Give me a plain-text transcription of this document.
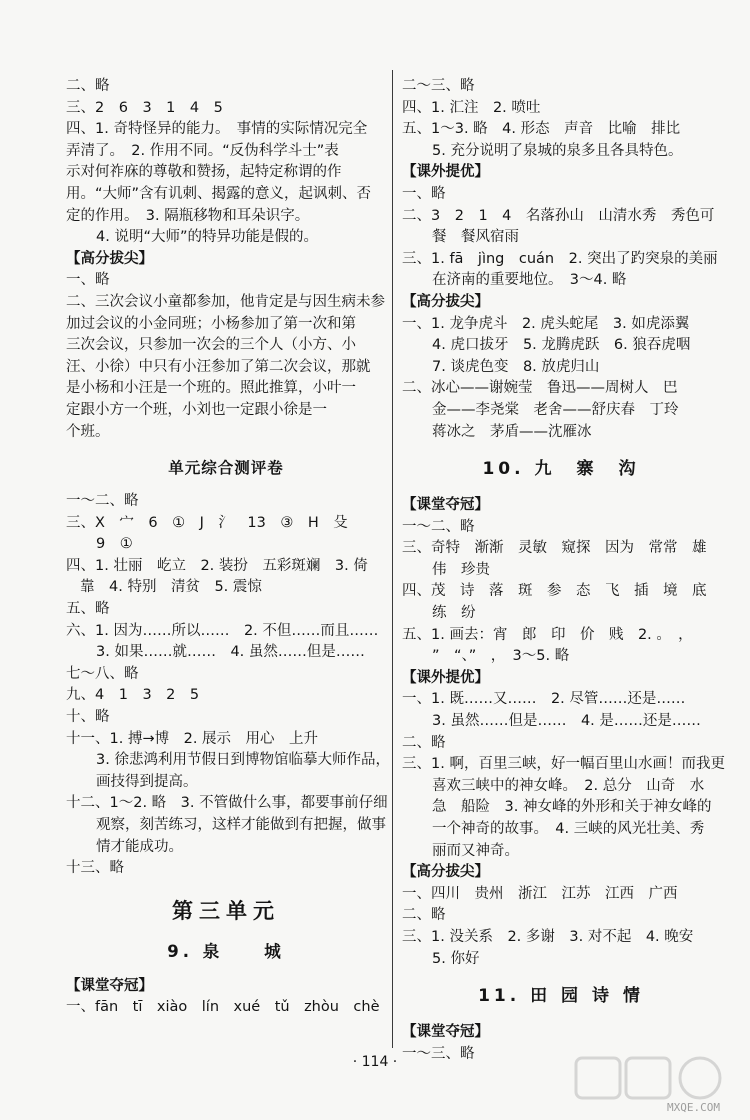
二、略
三、2　6　3　1　4　5
四、1. 奇特怪异的能力。　事情的实际情况完全
弄清了。　2. 作用不同。“反伪科学斗士”表
示对何祚庥的尊敬和赞扬，起特定称谓的作
用。“大师”含有讥刺、揭露的意义，起讽刺、否
定的作用。　3. 隔瓶移物和耳朵识字。
4. 说明“大师”的特异功能是假的。
【高分拔尖】
一、略
二、三次会议小童都参加，他肯定是与因生病未参
加过会议的小金同班；小杨参加了第一次和第
三次会议，只参加一次会的三个人（小方、小
汪、小徐）中只有小汪参加了第二次会议，那就
是小杨和小汪是一个班的。照此推算，小叶一
定跟小方一个班，小刘也一定跟小徐是一
个班。
单元综合测评卷
一～二、略
三、X　宀　6　①　J　氵　13　③　H　殳
9　①
四、1. 壮丽　屹立　2. 装扮　五彩斑斓　3. 倚
靠　4. 特别　清贫　5. 震惊
五、略
六、1. 因为……所以……　2. 不但……而且……
3. 如果……就……　4. 虽然……但是……
七～八、略
九、4　1　3　2　5
十、略
十一、1. 搏→博　2. 展示　用心　上升
3. 徐悲鸿利用节假日到博物馆临摹大师作品，
画技得到提高。
十二、1～2. 略　3. 不管做什么事，都要事前仔细
观察，刻苦练习，这样才能做到有把握，做事
情才能成功。
十三、略
第三单元
9. 泉　　城
【课堂夺冠】
一、fān　tī　xiào　lín　xué　tǔ　zhòu　chè
二～三、略
四、1. 汇注　2. 喷吐
五、1～3. 略　4. 形态　声音　比喻　排比
5. 充分说明了泉城的泉多且各具特色。
【课外提优】
一、略
二、3　2　1　4　名落孙山　山清水秀　秀色可
餐　餐风宿雨
三、1. fā　jìng　cuán　2. 突出了趵突泉的美丽
在济南的重要地位。　3～4. 略
【高分拔尖】
一、1. 龙争虎斗　2. 虎头蛇尾　3. 如虎添翼
4. 虎口拔牙　5. 龙腾虎跃　6. 狼吞虎咽
7. 谈虎色变　8. 放虎归山
二、冰心——谢婉莹　鲁迅——周树人　巴
金——李尧棠　老舍——舒庆春　丁玲
蒋冰之　茅盾——沈雁冰
10. 九　寨　沟
【课堂夺冠】
一～二、略
三、奇特　渐渐　灵敏　窥探　因为　常常　雄
伟　珍贵
四、茂　诗　落　斑　参　态　飞　插　境　底
练　纷
五、1. 画去：宵　郎　印　价　贱　2. 。　，
”　“、”　，　3～5. 略
【课外提优】
一、1. 既……又……　2. 尽管……还是……
3. 虽然……但是……　4. 是……还是……
二、略
三、1. 啊，百里三峡，好一幅百里山水画！而我更
喜欢三峡中的神女峰。　2. 总分　山奇　水
急　船险　3. 神女峰的外形和关于神女峰的
一个神奇的故事。　4. 三峡的风光壮美、秀
丽而又神奇。
【高分拔尖】
一、四川　贵州　浙江　江苏　江西　广西
二、略
三、1. 没关系　2. 多谢　3. 对不起　4. 晚安
5. 你好
11. 田 园 诗 情
【课堂夺冠】
一～三、略
· 114 ·
MXQE.COM
